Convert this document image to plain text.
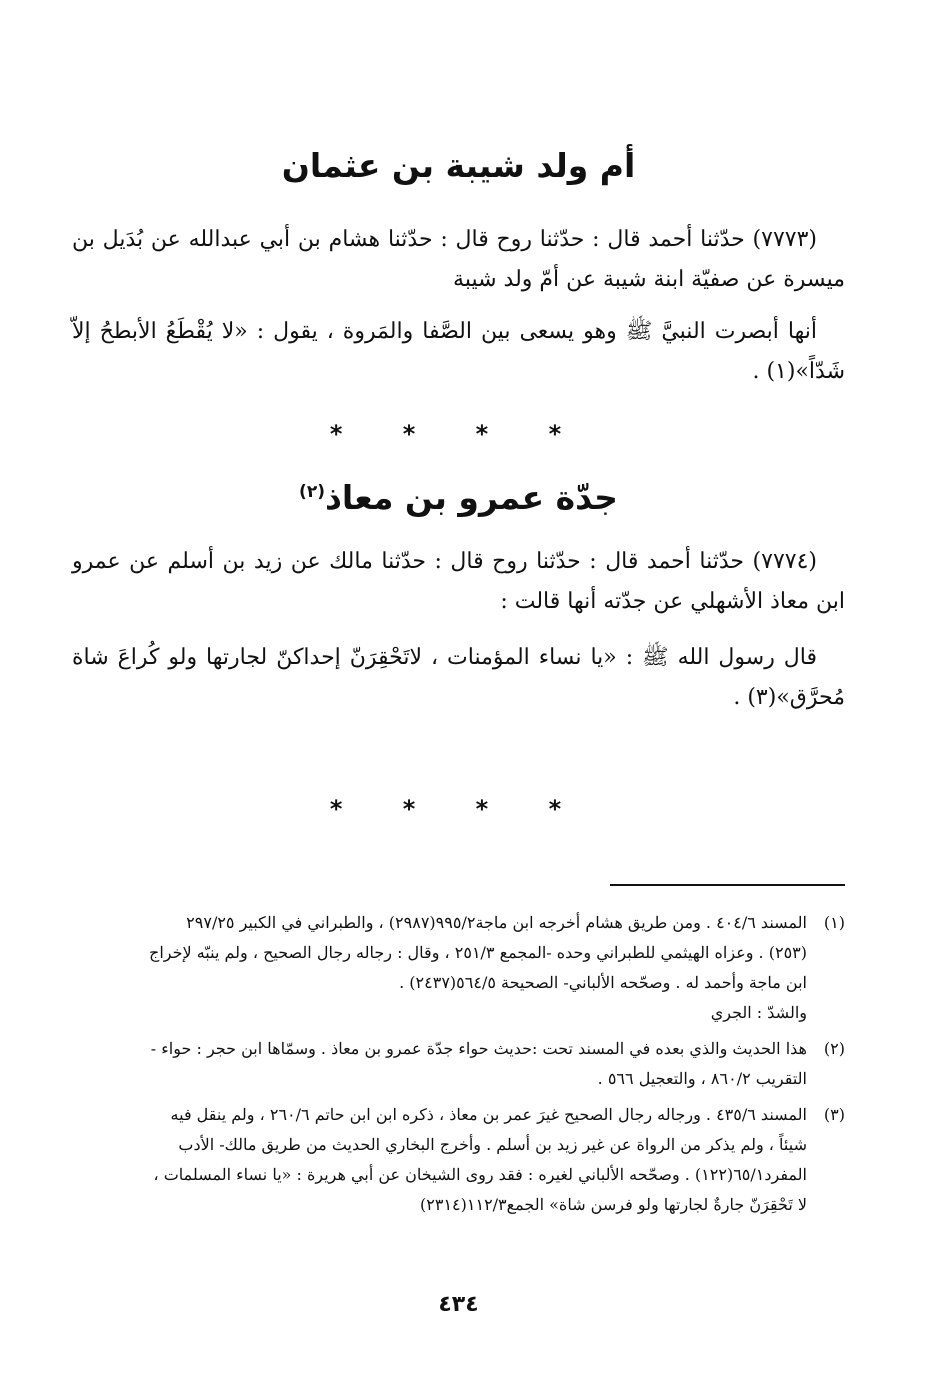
أم ولد شيبة بن عثمان

(٧٧٧٣) حدّثنا أحمد قال : حدّثنا روح قال : حدّثنا هشام بن أبي عبدالله عن بُدَيل بن ميسرة عن صفيّة ابنة شيبة عن أمّ ولد شيبة

أنها أبصرت النبيَّ ﷺ وهو يسعى بين الصَّفا والمَروة ، يقول : «لا يُقْطَعُ الأبطحُ إلاّ شَدّاً»(١) .

* * * *

جدّة عمرو بن معاذ$^{(٢)}$

(٧٧٧٤) حدّثنا أحمد قال : حدّثنا روح قال : حدّثنا مالك عن زيد بن أسلم عن عمرو ابن معاذ الأشهلي عن جدّته أنها قالت :

قال رسول الله ﷺ : «يا نساء المؤمنات ، لاتَحْقِرَنّ إحداكنّ لجارتها ولو كُراعَ شاة مُحرَّق»(٣) .

* * * *

(١)
المسند ٤٠٤/٦ . ومن طريق هشام أخرجه ابن ماجة٩٩٥/٢(٢٩٨٧) ، والطبراني في الكبير ٢٩٧/٢٥
(٢٥٣) . وعزاه الهيثمي للطبراني وحده -المجمع ٢٥١/٣ ، وقال : رجاله رجال الصحيح ، ولم ينبّه لإخراج
ابن ماجة وأحمد له . وصحّحه الألباني- الصحيحة ٥٦٤/٥(٢٤٣٧) .
والشدّ : الجري
(٢)
هذا الحديث والذي بعده في المسند تحت :حديث حواء جدّة عمرو بن معاذ . وسمّاها ابن حجر : حواء -
التقريب ٨٦٠/٢ ، والتعجيل ٥٦٦ .
(٣)
المسند ٤٣٥/٦ . ورجاله رجال الصحيح غيرَ عمر بن معاذ ، ذكره ابن ابن حاتم ٢٦٠/٦ ، ولم ينقل فيه
شيئاً ، ولم يذكر من الرواة عن غير زيد بن أسلم . وأخرج البخاري الحديث من طريق مالك- الأدب
المفرد٦٥/١(١٢٢) . وصحّحه الألباني لغيره : فقد روى الشيخان عن أبي هريرة : «يا نساء المسلمات ،
لا تَحْقِرَنّ جارةٌ لجارتها ولو فرسن شاة» الجمع١١٢/٣(٢٣١٤)

٤٣٤
